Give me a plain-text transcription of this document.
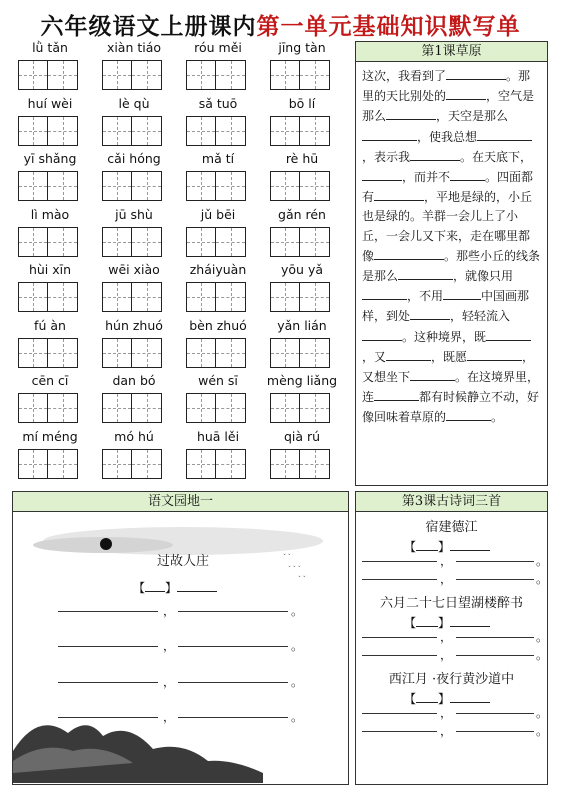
六年级语文上册课内第一单元基础知识默写单
lǜ tǎn	xiàn tiáo	róu měi	jīng tàn
huí wèi	lè qù	sǎ tuō	bō lí
yī shǎng	cǎi hóng	mǎ tí	rè hū
lì mào	jū shù	jǔ bēi	gǎn rén
hùi xīn	wēi xiào	zháiyuàn	yōu yǎ
fú àn	hún zhuó	bèn zhuó	yǎn lián
cēn cī	dan bó	wén sī	mèng liǎng
mí méng	mó hú	huā lěi	qià rú
第1课草原
这次，我看到了	。那里的天比别处的	，空气是那么	，天空是那么，使我总想，表示我	。在天底下，，而并不	。四面都有	，平地是绿的，小丘也是绿的。羊群一会儿上了小丘，一会儿又下来，走在哪里都像	。那些小丘的线条是那么	，就像只用，不用	中国画那样，到处	，轻轻流入。这种境界，既，又	，既愿	，又想坐下	。在这境界里，连	都有时候静立不动，好像回味着草原的	。
语文园地一
ˇ ˇ ˇ
ˇ ˇ
ˇ ˇ
过故人庄
【 】
，	。
，	。
，	。
，	。
第3课古诗词三首
宿建德江
【 】
，	。
，	。
六月二十七日望湖楼醉书
【 】
，	。
，	。
西江月 ·夜行黄沙道中
【 】
，	。
，	。
